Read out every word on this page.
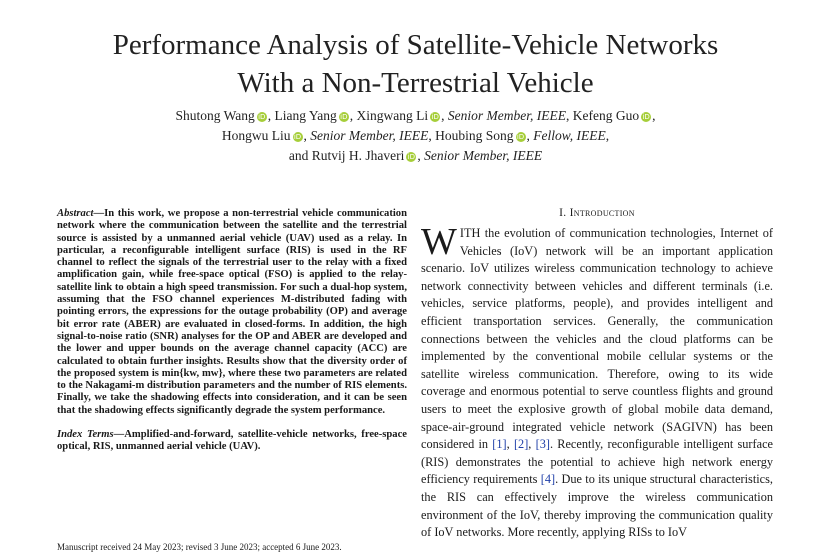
Performance Analysis of Satellite-Vehicle Networks
With a Non-Terrestrial Vehicle
Shutong Wang iD , Liang Yang iD , Xingwang Li iD , Senior Member, IEEE, Kefeng Guo iD ,
Hongwu Liu iD , Senior Member, IEEE, Houbing Song iD , Fellow, IEEE,
and Rutvij H. Jhaveri iD , Senior Member, IEEE

Abstract—In this work, we propose a non-terrestrial vehicle communication network where the communication between the satellite and the terrestrial source is assisted by a unmanned aerial vehicle (UAV) used as a relay. In particular, a reconfigurable intelligent surface (RIS) is used in the RF channel to reflect the signals of the terrestrial user to the relay with a fixed amplification gain, while free-space optical (FSO) is applied to the relay-satellite link to obtain a high speed transmission. For such a dual-hop system, assuming that the FSO channel experiences M-distributed fading with pointing errors, the expressions for the outage probability (OP) and average bit error rate (ABER) are evaluated in closed-forms. In addition, the high signal-to-noise ratio (SNR) analyses for the OP and ABER are developed and the lower and upper bounds on the average channel capacity (ACC) are calculated to obtain further insights. Results show that the diversity order of the proposed system is min{kw, mw}, where these two parameters are related to the Nakagami-m distribution parameters and the number of RIS elements. Finally, we take the shadowing effects into consideration, and it can be seen that the shadowing effects significantly degrade the system performance.

Index Terms—Amplified-and-forward, satellite-vehicle networks, free-space optical, RIS, unmanned aerial vehicle (UAV).
Manuscript received 24 May 2023; revised 3 June 2023; accepted 6 June 2023.
I. Introduction

WITH the evolution of communication technologies, Internet of Vehicles (IoV) network will be an important application scenario. IoV utilizes wireless communication technology to achieve network connectivity between vehicles and different terminals (i.e. vehicles, service platforms, people), and provides intelligent and efficient transportation services. Generally, the communication connections between the vehicles and the cloud platforms can be implemented by the conventional mobile cellular systems or the satellite wireless communication. Therefore, owing to its wide coverage and enormous potential to serve countless flights and ground users to meet the explosive growth of global mobile data demand, space-air-ground integrated vehicle network (SAGIVN) has been considered in [1], [2], [3]. Recently, reconfigurable intelligent surface (RIS) demonstrates the potential to achieve high network energy efficiency requirements [4]. Due to its unique structural characteristics, the RIS can effectively improve the wireless communication environment of the IoV, thereby improving the communication quality of IoV networks. More recently, applying RISs to IoV
